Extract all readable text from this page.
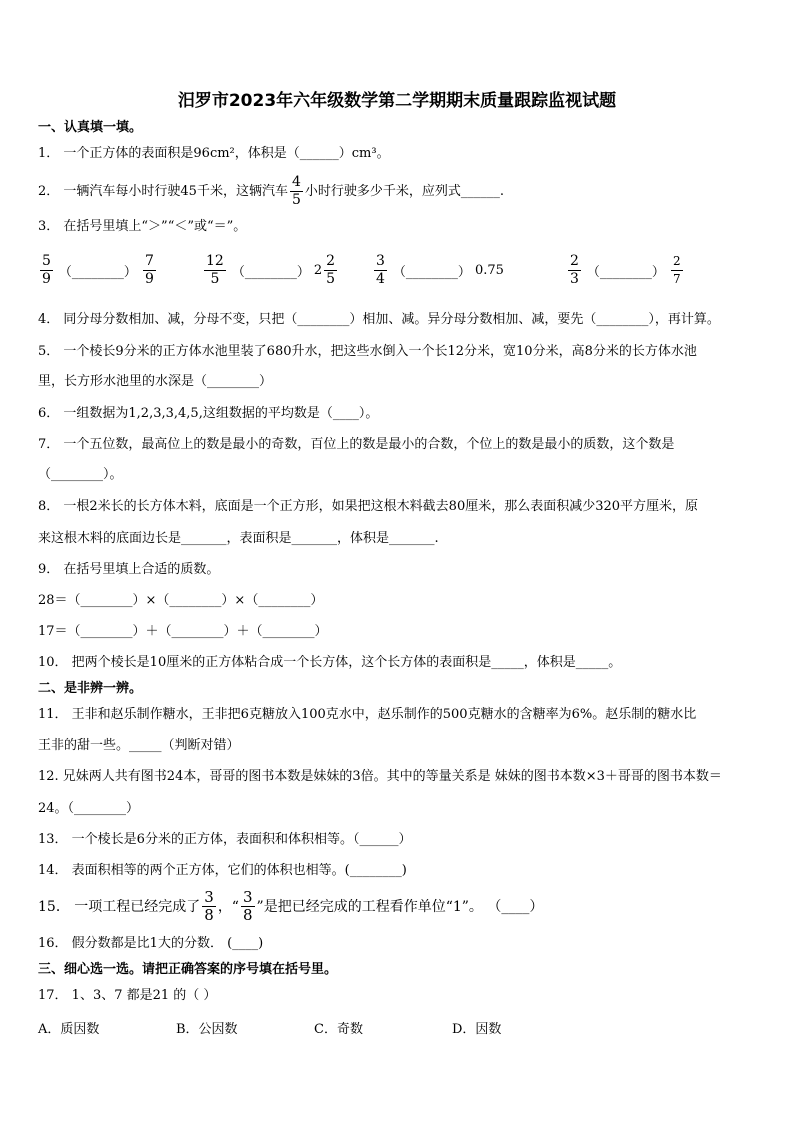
汨罗市2023年六年级数学第二学期期末质量跟踪监视试题
一、认真填一填。
1． 一个正方体的表面积是96cm²，体积是（______）cm³。
2． 一辆汽车每小时行驶45千米，这辆汽车 $\frac{4}{5}$ 小时行驶多少千米，应列式______.
3． 在括号里填上“＞”“＜”或“＝”。
$\frac{5}{9}$ （________） $\frac{7}{9}$	$\frac{12}{5}$ （________） $2 \frac{2}{5}$	$\frac{3}{4}$ （________） 0.75	$\frac{2}{3}$ （________） $\frac{2}{7}$
4． 同分母分数相加、减，分母不变，只把（________）相加、减。异分母分数相加、减，要先（________），再计算。
5． 一个棱长9分米的正方体水池里装了680升水，把这些水倒入一个长12分米，宽10分米，高8分米的长方体水池
里，长方形水池里的水深是（________）
6． 一组数据为1,2,3,3,4,5,这组数据的平均数是（____）。
7． 一个五位数，最高位上的数是最小的奇数，百位上的数是最小的合数，个位上的数是最小的质数，这个数是
（________）。
8． 一根2米长的长方体木料，底面是一个正方形，如果把这根木料截去80厘米，那么表面积减少320平方厘米，原
来这根木料的底面边长是_______，表面积是_______，体积是_______.
9． 在括号里填上合适的质数。
28＝（________）×（________）×（________）
17＝（________）＋（________）＋（________）
10． 把两个棱长是10厘米的正方体粘合成一个长方体，这个长方体的表面积是_____，体积是_____。
二、是非辨一辨。
11． 王非和赵乐制作糖水，王非把6克糖放入100克水中，赵乐制作的500克糖水的含糖率为6%。赵乐制的糖水比
王非的甜一些。_____（判断对错）
12. 兄妹两人共有图书24本，哥哥的图书本数是妹妹的3倍。其中的等量关系是 妹妹的图书本数×3＋哥哥的图书本数＝
24。（________）
13． 一个棱长是6分米的正方体，表面积和体积相等。（______）
14． 表面积相等的两个正方体，它们的体积也相等。(________)
15． 一项工程已经完成了 $\frac{3}{8}$ ，“ $\frac{3}{8}$ ”是把已经完成的工程看作单位“1”。 （____）
16． 假分数都是比1大的分数． (____)
三、细心选一选。请把正确答案的序号填在括号里。
17． 1、3、7 都是21 的（ ）
A．质因数	B．公因数	C．奇数	D．因数
